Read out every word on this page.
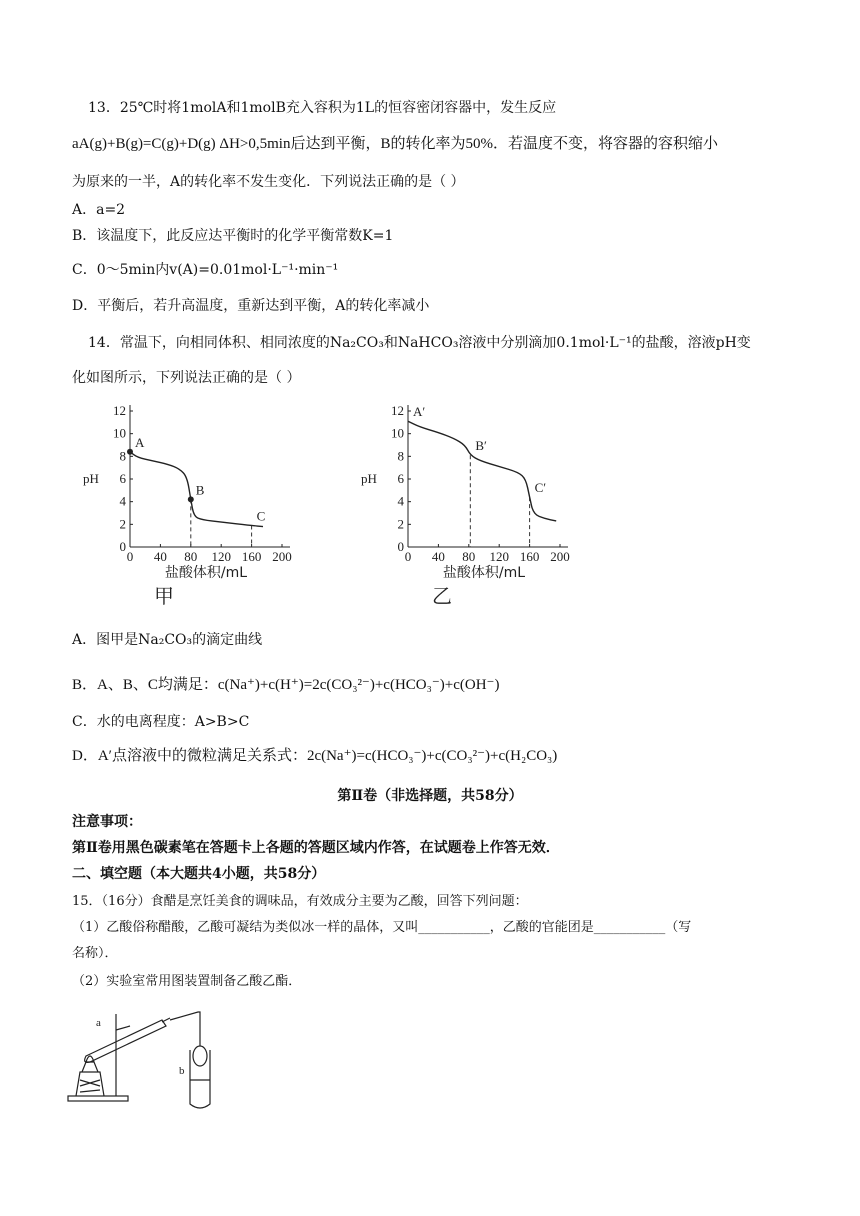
13．25℃时将1molA和1molB充入容积为1L的恒容密闭容器中，发生反应
aA(g)+B(g)=C(g)+D(g) ΔH>0,5min后达到平衡，B的转化率为50%．若温度不变，将容器的容积缩小
为原来的一半，A的转化率不发生变化．下列说法正确的是（ ）
A．a=2
B．该温度下，此反应达平衡时的化学平衡常数K=1
C．0～5min内v(A)=0.01mol·L⁻¹·min⁻¹
D．平衡后，若升高温度，重新达到平衡，A的转化率减小
14．常温下，向相同体积、相同浓度的Na₂CO₃和NaHCO₃溶液中分别滴加0.1mol·L⁻¹的盐酸，溶液pH变
化如图所示，下列说法正确的是（ ）
0 40 80 120 160 200
0
2
4
6
8
10
12
A
B
C
pH
盐酸体积/mL
甲
0 40 80 120 160 200
0
2
4
6
8
10
12 A′
B′
C′
pH
盐酸体积/mL
乙
A．图甲是Na₂CO₃的滴定曲线
B．A、B、C均满足：c(Na⁺)+c(H⁺)=2c(CO₃²⁻)+c(HCO₃⁻)+c(OH⁻)
C．水的电离程度：A>B>C
D．A′点溶液中的微粒满足关系式：2c(Na⁺)=c(HCO₃⁻)+c(CO₃²⁻)+c(H₂CO₃)
第Ⅱ卷（非选择题，共58分）
注意事项：
第Ⅱ卷用黑色碳素笔在答题卡上各题的答题区域内作答，在试题卷上作答无效．
二、填空题（本大题共4小题，共58分）
15．（16分）食醋是烹饪美食的调味品，有效成分主要为乙酸，回答下列问题：
（1）乙酸俗称醋酸，乙酸可凝结为类似冰一样的晶体，又叫___________，乙酸的官能团是___________（写
名称）．
（2）实验室常用图装置制备乙酸乙酯．
a
b
